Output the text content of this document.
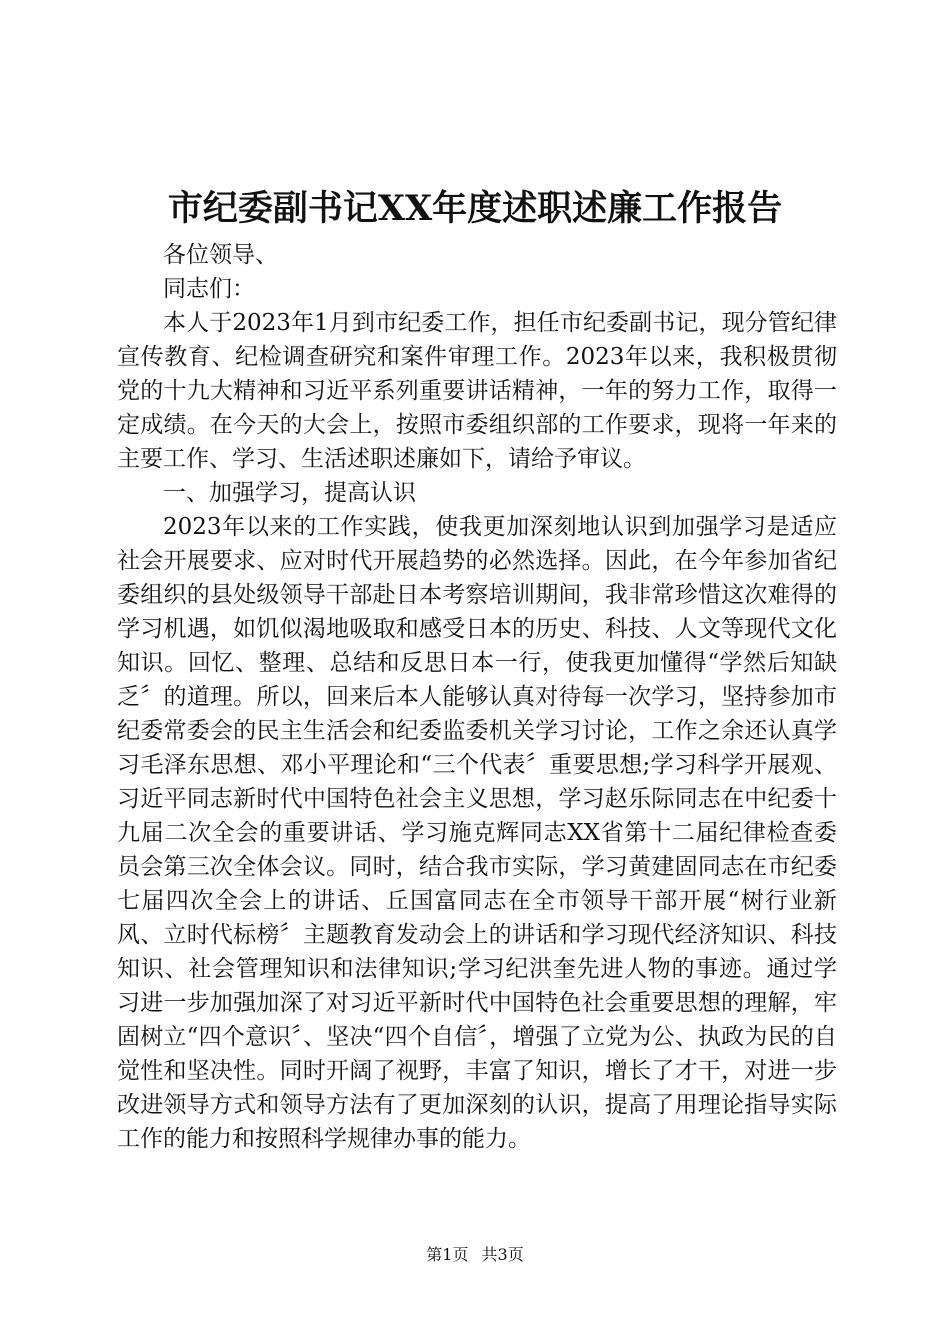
市纪委副书记XX年度述职述廉工作报告

各位领导、

同志们：

本人于2023年1月到市纪委工作，担任市纪委副书记，现分管纪律宣传教育、纪检调查研究和案件审理工作。2023年以来，我积极贯彻党的十九大精神和习近平系列重要讲话精神，一年的努力工作，取得一定成绩。在今天的大会上，按照市委组织部的工作要求，现将一年来的主要工作、学习、生活述职述廉如下，请给予审议。

一、加强学习，提高认识

2023年以来的工作实践，使我更加深刻地认识到加强学习是适应社会开展要求、应对时代开展趋势的必然选择。因此，在今年参加省纪委组织的县处级领导干部赴日本考察培训期间，我非常珍惜这次难得的学习机遇，如饥似渴地吸取和感受日本的历史、科技、人文等现代文化知识。回忆、整理、总结和反思日本一行，使我更加懂得“学然后知缺乏〞的道理。所以，回来后本人能够认真对待每一次学习，坚持参加市纪委常委会的民主生活会和纪委监委机关学习讨论，工作之余还认真学习毛泽东思想、邓小平理论和“三个代表〞重要思想;学习科学开展观、习近平同志新时代中国特色社会主义思想，学习赵乐际同志在中纪委十九届二次全会的重要讲话、学习施克辉同志XX省第十二届纪律检查委员会第三次全体会议。同时，结合我市实际，学习黄建固同志在市纪委七届四次全会上的讲话、丘国富同志在全市领导干部开展“树行业新风、立时代标榜〞主题教育发动会上的讲话和学习现代经济知识、科技知识、社会管理知识和法律知识;学习纪洪奎先进人物的事迹。通过学习进一步加强加深了对习近平新时代中国特色社会重要思想的理解，牢固树立“四个意识〞、坚决“四个自信〞，增强了立党为公、执政为民的自觉性和坚决性。同时开阔了视野，丰富了知识，增长了才干，对进一步改进领导方式和领导方法有了更加深刻的认识，提高了用理论指导实际工作的能力和按照科学规律办事的能力。

第1页 共3页
